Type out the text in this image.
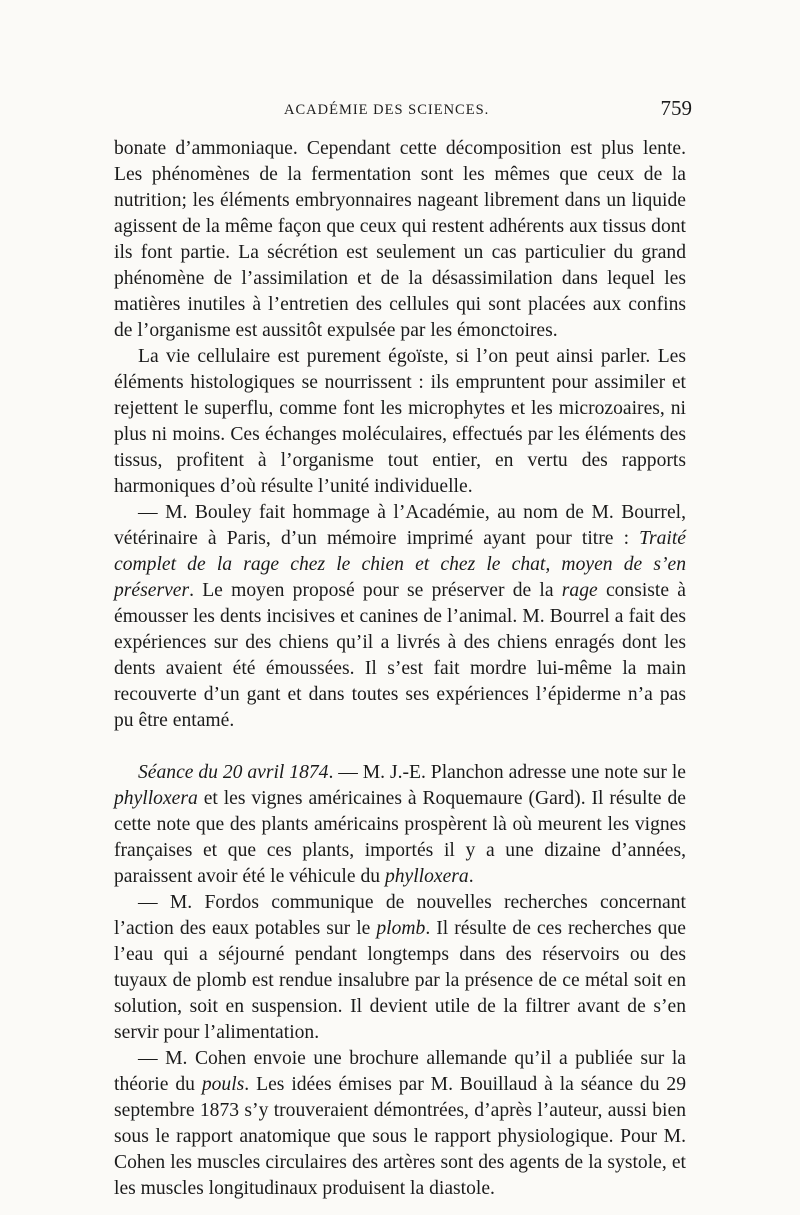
ACADÉMIE DES SCIENCES.	759

bonate d’ammoniaque. Cependant cette décomposition est plus lente. Les phénomènes de la fermentation sont les mêmes que ceux de la nutrition; les éléments embryonnaires nageant librement dans un liquide agissent de la même façon que ceux qui restent adhérents aux tissus dont ils font partie. La sécrétion est seulement un cas particulier du grand phénomène de l’assimilation et de la désassimilation dans lequel les matières inutiles à l’entretien des cellules qui sont placées aux confins de l’organisme est aussitôt expulsée par les émonctoires.

La vie cellulaire est purement égoïste, si l’on peut ainsi parler. Les éléments histologiques se nourrissent : ils empruntent pour assimiler et rejettent le superflu, comme font les microphytes et les microzoaires, ni plus ni moins. Ces échanges moléculaires, effectués par les éléments des tissus, profitent à l’organisme tout entier, en vertu des rapports harmoniques d’où résulte l’unité individuelle.

— M. Bouley fait hommage à l’Académie, au nom de M. Bourrel, vétérinaire à Paris, d’un mémoire imprimé ayant pour titre : Traité complet de la rage chez le chien et chez le chat, moyen de s’en préserver. Le moyen proposé pour se préserver de la rage consiste à émousser les dents incisives et canines de l’animal. M. Bourrel a fait des expériences sur des chiens qu’il a livrés à des chiens enragés dont les dents avaient été émoussées. Il s’est fait mordre lui-même la main recouverte d’un gant et dans toutes ses expériences l’épiderme n’a pas pu être entamé.

Séance du 20 avril 1874. — M. J.-E. Planchon adresse une note sur le phylloxera et les vignes américaines à Roquemaure (Gard). Il résulte de cette note que des plants américains prospèrent là où meurent les vignes françaises et que ces plants, importés il y a une dizaine d’années, paraissent avoir été le véhicule du phylloxera.

— M. Fordos communique de nouvelles recherches concernant l’action des eaux potables sur le plomb. Il résulte de ces recherches que l’eau qui a séjourné pendant longtemps dans des réservoirs ou des tuyaux de plomb est rendue insalubre par la présence de ce métal soit en solution, soit en suspension. Il devient utile de la filtrer avant de s’en servir pour l’alimentation.

— M. Cohen envoie une brochure allemande qu’il a publiée sur la théorie du pouls. Les idées émises par M. Bouillaud à la séance du 29 septembre 1873 s’y trouveraient démontrées, d’après l’auteur, aussi bien sous le rapport anatomique que sous le rapport physiologique. Pour M. Cohen les muscles circulaires des artères sont des agents de la systole, et les muscles longitudinaux produisent la diastole.
